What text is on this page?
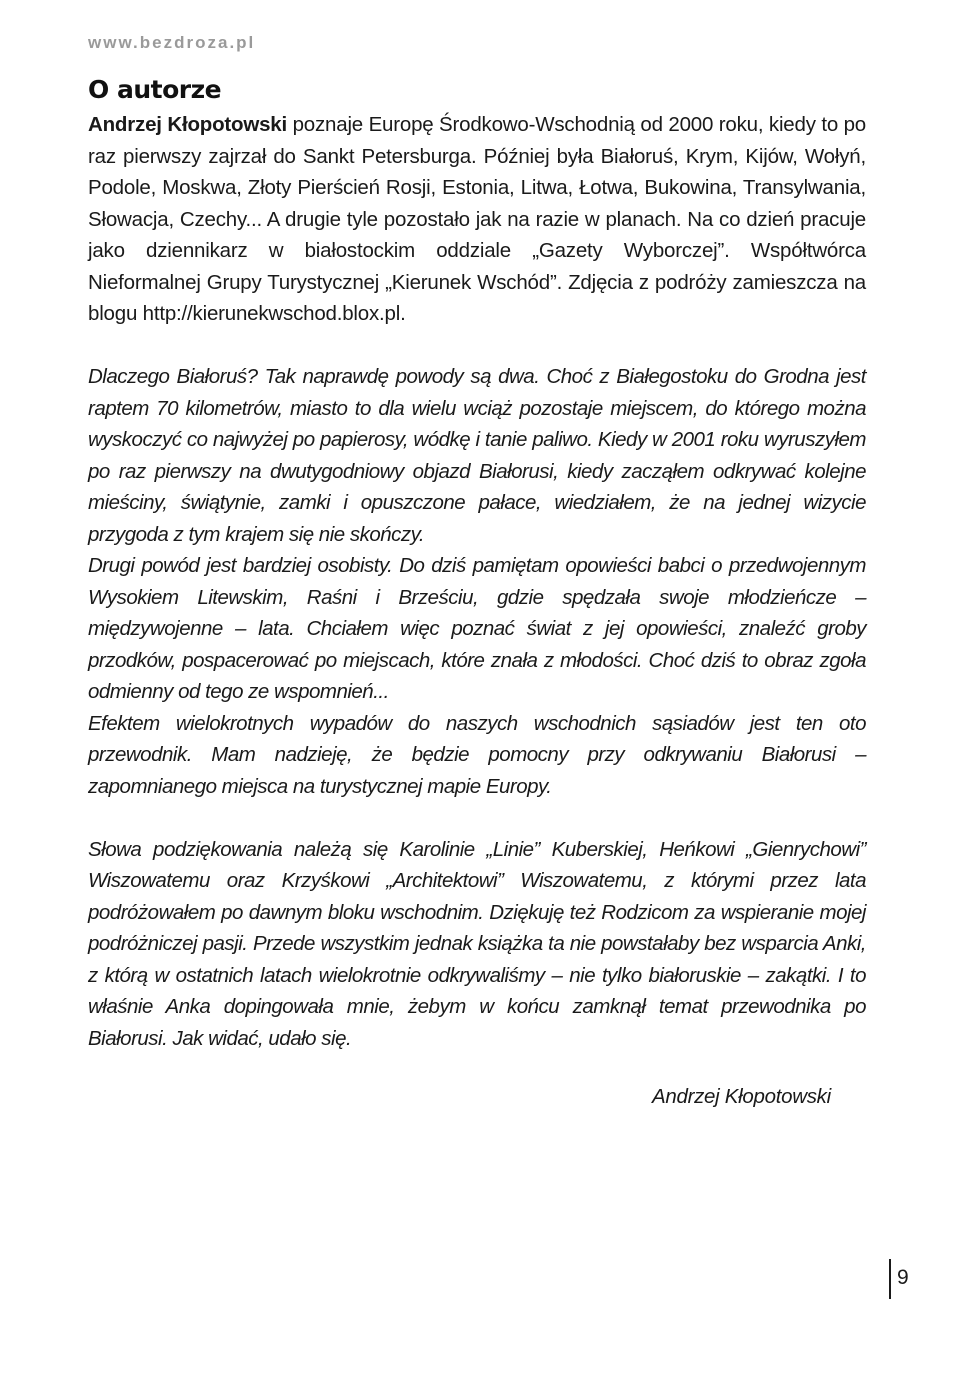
www.bezdroza.pl
O autorze

Andrzej Kłopotowski poznaje Europę Środkowo-Wschodnią od 2000 roku, kiedy to po raz pierwszy zajrzał do Sankt Petersburga. Później była Białoruś, Krym, Kijów, Wołyń, Podole, Moskwa, Złoty Pierścień Rosji, Estonia, Litwa, Łotwa, Bukowina, Transylwania, Słowacja, Czechy... A drugie tyle pozostało jak na razie w planach. Na co dzień pracuje jako dziennikarz w białostockim oddziale „Gazety Wyborczej”. Współtwórca Nieformalnej Grupy Turystycznej „Kierunek Wschód”. Zdjęcia z podróży zamieszcza na blogu http://kierunekwschod.blox.pl.

Dlaczego Białoruś? Tak naprawdę powody są dwa. Choć z Białegostoku do Grodna jest raptem 70 kilometrów, miasto to dla wielu wciąż pozostaje miejscem, do którego można wyskoczyć co najwyżej po papierosy, wódkę i tanie paliwo. Kiedy w 2001 roku wyruszyłem po raz pierwszy na dwutygodniowy objazd Białorusi, kiedy zacząłem odkrywać kolejne mieściny, świątynie, zamki i opuszczone pałace, wiedziałem, że na jednej wizycie przygoda z tym krajem się nie skończy.

Drugi powód jest bardziej osobisty. Do dziś pamiętam opowieści babci o przedwojennym Wysokiem Litewskim, Raśni i Brześciu, gdzie spędzała swoje młodzieńcze – międzywojenne – lata. Chciałem więc poznać świat z jej opowieści, znaleźć groby przodków, pospacerować po miejscach, które znała z młodości. Choć dziś to obraz zgoła odmienny od tego ze wspomnień...

Efektem wielokrotnych wypadów do naszych wschodnich sąsiadów jest ten oto przewodnik. Mam nadzieję, że będzie pomocny przy odkrywaniu Białorusi – zapomnianego miejsca na turystycznej mapie Europy.

Słowa podziękowania należą się Karolinie „Linie” Kuberskiej, Heńkowi „Gienrychowi” Wiszowatemu oraz Krzyśkowi „Architektowi” Wiszowatemu, z którymi przez lata podróżowałem po dawnym bloku wschodnim. Dziękuję też Rodzicom za wspieranie mojej podróżniczej pasji. Przede wszystkim jednak książka ta nie powstałaby bez wsparcia Anki, z którą w ostatnich latach wielokrotnie odkrywaliśmy – nie tylko białoruskie – zakątki. I to właśnie Anka dopingowała mnie, żebym w końcu zamknął temat przewodnika po Białorusi. Jak widać, udało się.

Andrzej Kłopotowski
9
